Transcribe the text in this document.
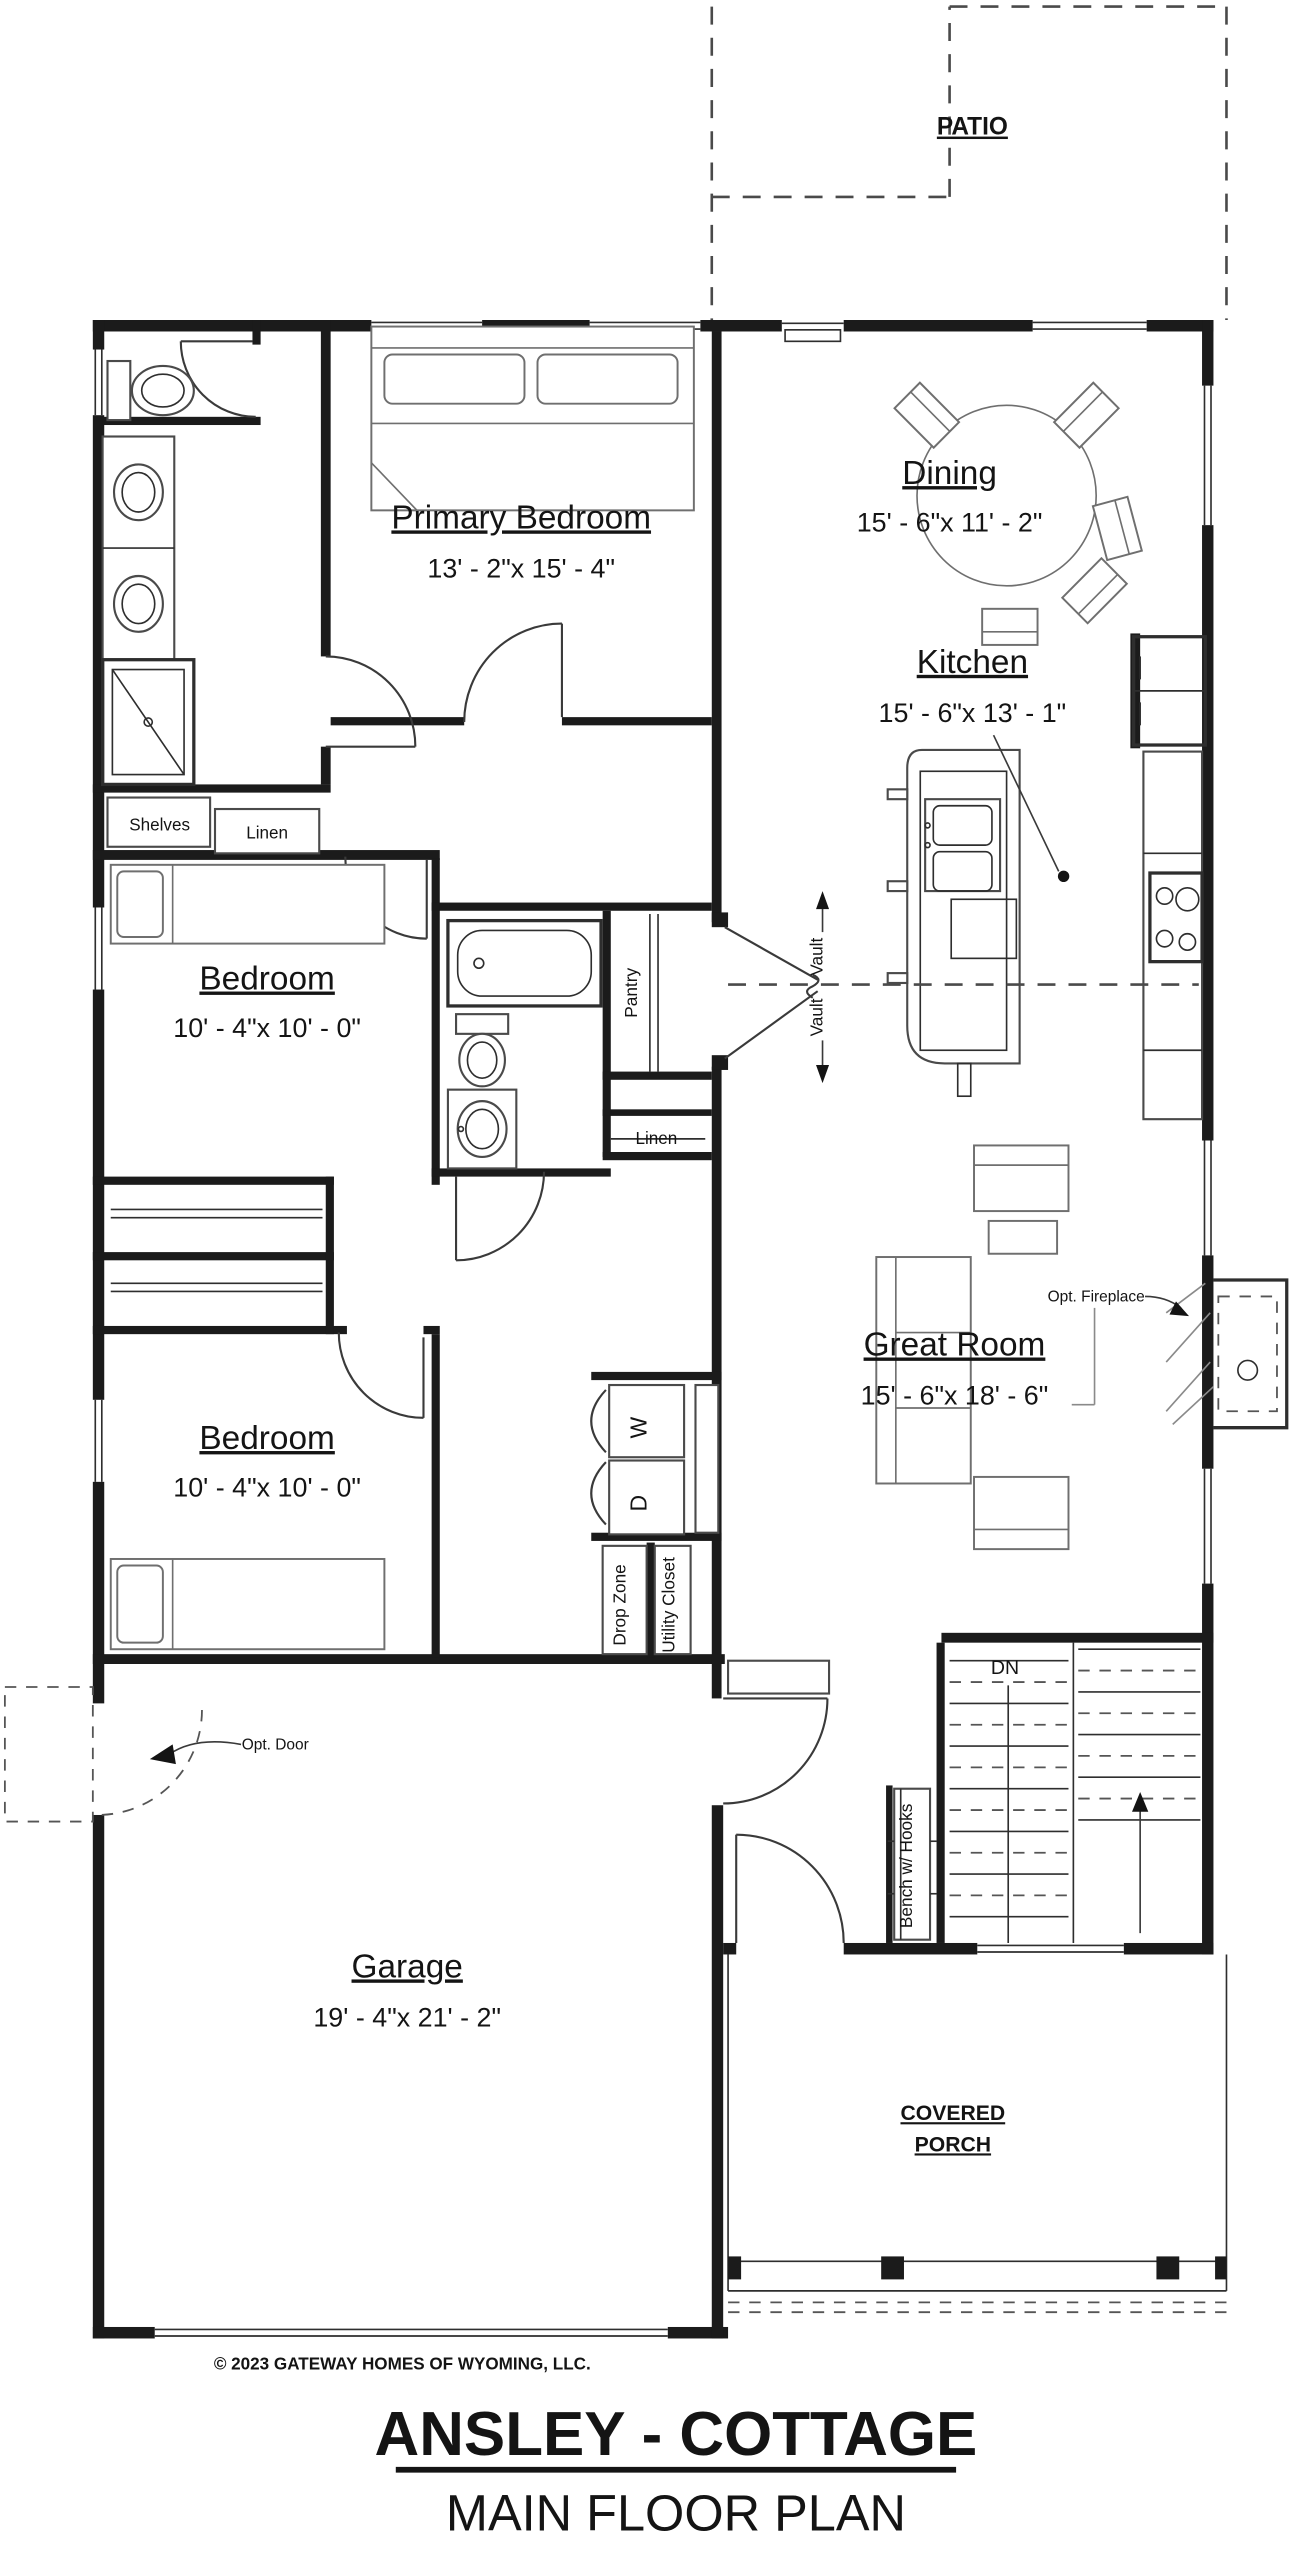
PATIO
Dining
15' - 6"x 11' - 2"
Primary Bedroom
13' - 2"x 15' - 4"
Kitchen
15' - 6"x 13' - 1"
Shelves	Linen
Bedroom
10' - 4"x 10' - 0"
Pantry
Vault
Vault
Linen
Great Room
15' - 6"x 18' - 6"
Opt. Fireplace
Bedroom
10' - 4"x 10' - 0"
W
D
Drop Zone	Utility Closet
DN
Bench w/ Hooks
Opt. Door
Garage
19' - 4"x 21' - 2"
COVERED
PORCH
© 2023 GATEWAY HOMES OF WYOMING, LLC.
ANSLEY - COTTAGE
MAIN FLOOR PLAN
